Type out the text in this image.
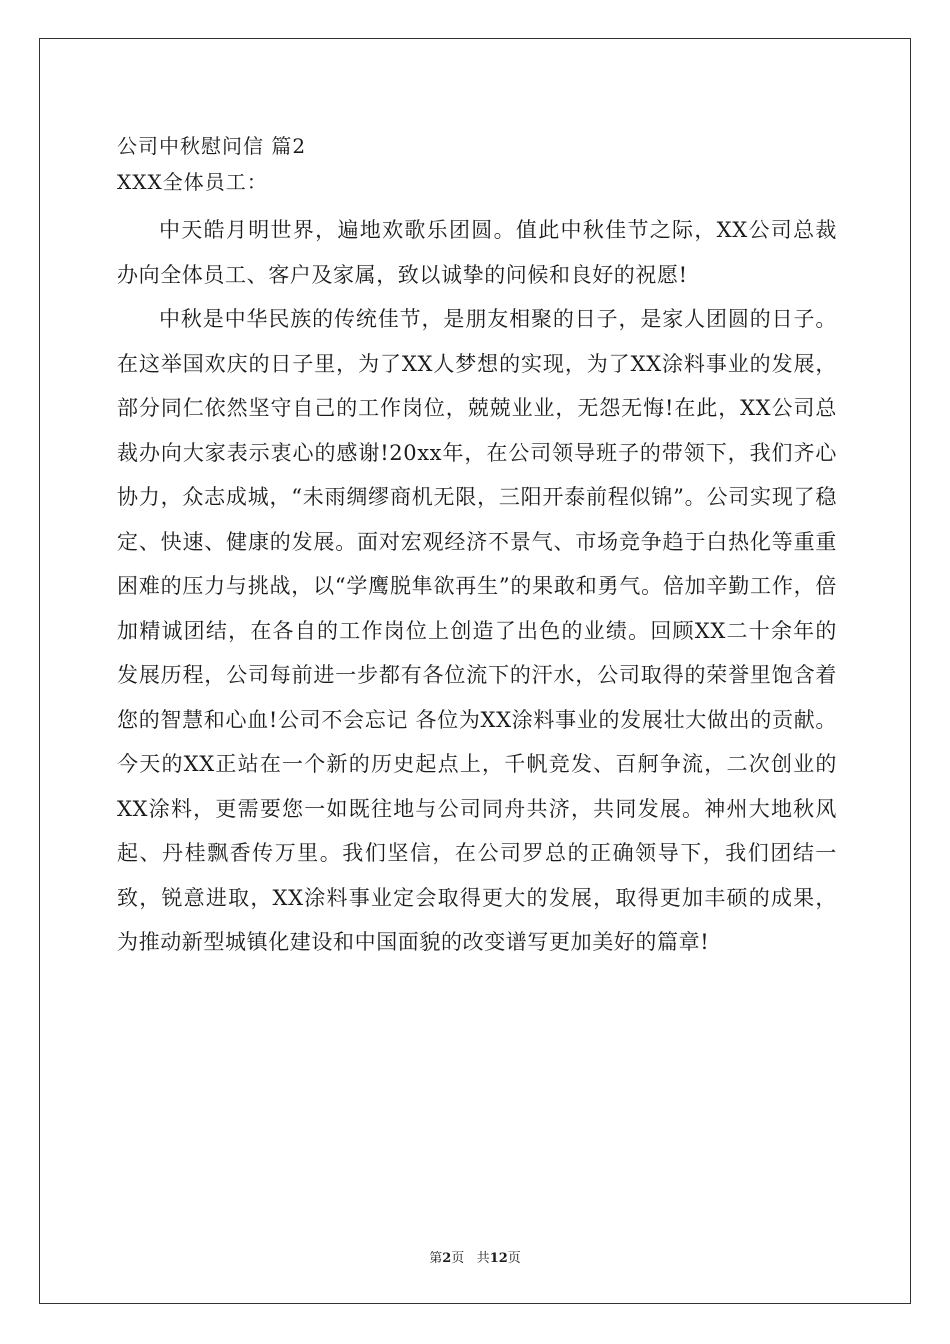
公司中秋慰问信 篇2

XXX全体员工：

中天皓月明世界，遍地欢歌乐团圆。值此中秋佳节之际，XX公司总裁办向全体员工、客户及家属，致以诚挚的问候和良好的祝愿!

中秋是中华民族的传统佳节，是朋友相聚的日子，是家人团圆的日子。在这举国欢庆的日子里，为了XX人梦想的实现，为了XX涂料事业的发展，部分同仁依然坚守自己的工作岗位，兢兢业业，无怨无悔!在此，XX公司总裁办向大家表示衷心的感谢!20xx年，在公司领导班子的带领下，我们齐心协力，众志成城，“未雨绸缪商机无限，三阳开泰前程似锦”。公司实现了稳定、快速、健康的发展。面对宏观经济不景气、市场竞争趋于白热化等重重困难的压力与挑战，以“学鹰脱隼欲再生”的果敢和勇气。倍加辛勤工作，倍加精诚团结，在各自的工作岗位上创造了出色的业绩。回顾XX二十余年的发展历程，公司每前进一步都有各位流下的汗水，公司取得的荣誉里饱含着您的智慧和心血!公司不会忘记 各位为XX涂料事业的发展壮大做出的贡献。今天的XX正站在一个新的历史起点上，千帆竞发、百舸争流，二次创业的XX涂料，更需要您一如既往地与公司同舟共济，共同发展。神州大地秋风起、丹桂飘香传万里。我们坚信，在公司罗总的正确领导下，我们团结一致，锐意进取，XX涂料事业定会取得更大的发展，取得更加丰硕的成果，为推动新型城镇化建设和中国面貌的改变谱写更加美好的篇章!

第2页 共12页
